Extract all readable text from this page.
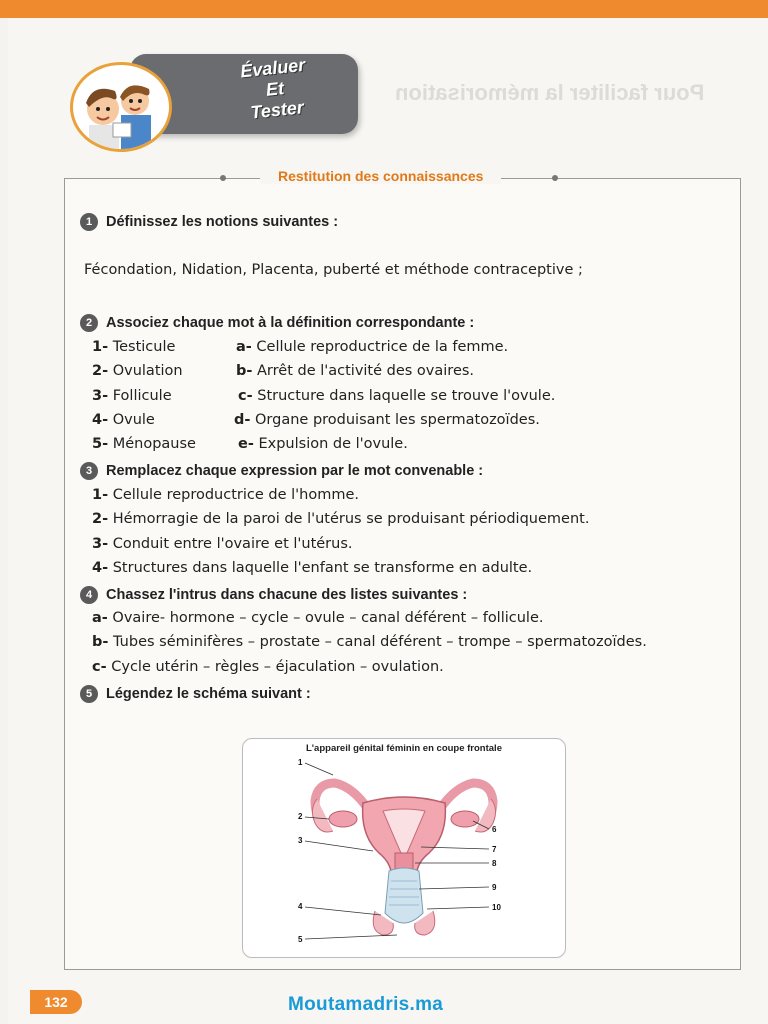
Pour faciliter la mémorisation
Évaluer
Et
Tester
Restitution des connaissances
1 Définissez les notions suivantes :
Fécondation, Nidation, Placenta, puberté et méthode contraceptive ;
2 Associez chaque mot à la définition correspondante :
1- Testicule
2- Ovulation
3- Follicule
4- Ovule
5- Ménopause
a- Cellule reproductrice de la femme.
b- Arrêt de l'activité des ovaires.
c- Structure dans laquelle se trouve l'ovule.
d- Organe produisant les spermatozoïdes.
e- Expulsion de l'ovule.
3 Remplacez chaque expression par le mot convenable :
1- Cellule reproductrice de l'homme.
2- Hémorragie de la paroi de l'utérus se produisant périodiquement.
3- Conduit entre l'ovaire et l'utérus.
4- Structures dans laquelle l'enfant se transforme en adulte.
4 Chassez l'intrus dans chacune des listes suivantes :
a- Ovaire- hormone – cycle – ovule – canal déférent – follicule.
b- Tubes séminifères – prostate – canal déférent – trompe – spermatozoïdes.
c- Cycle utérin – règles – éjaculation – ovulation.
5 Légendez le schéma suivant :
L'appareil génital féminin en coupe frontale
1
2
3
4
5
6
7
8
9
10
132	Moutamadris.ma
